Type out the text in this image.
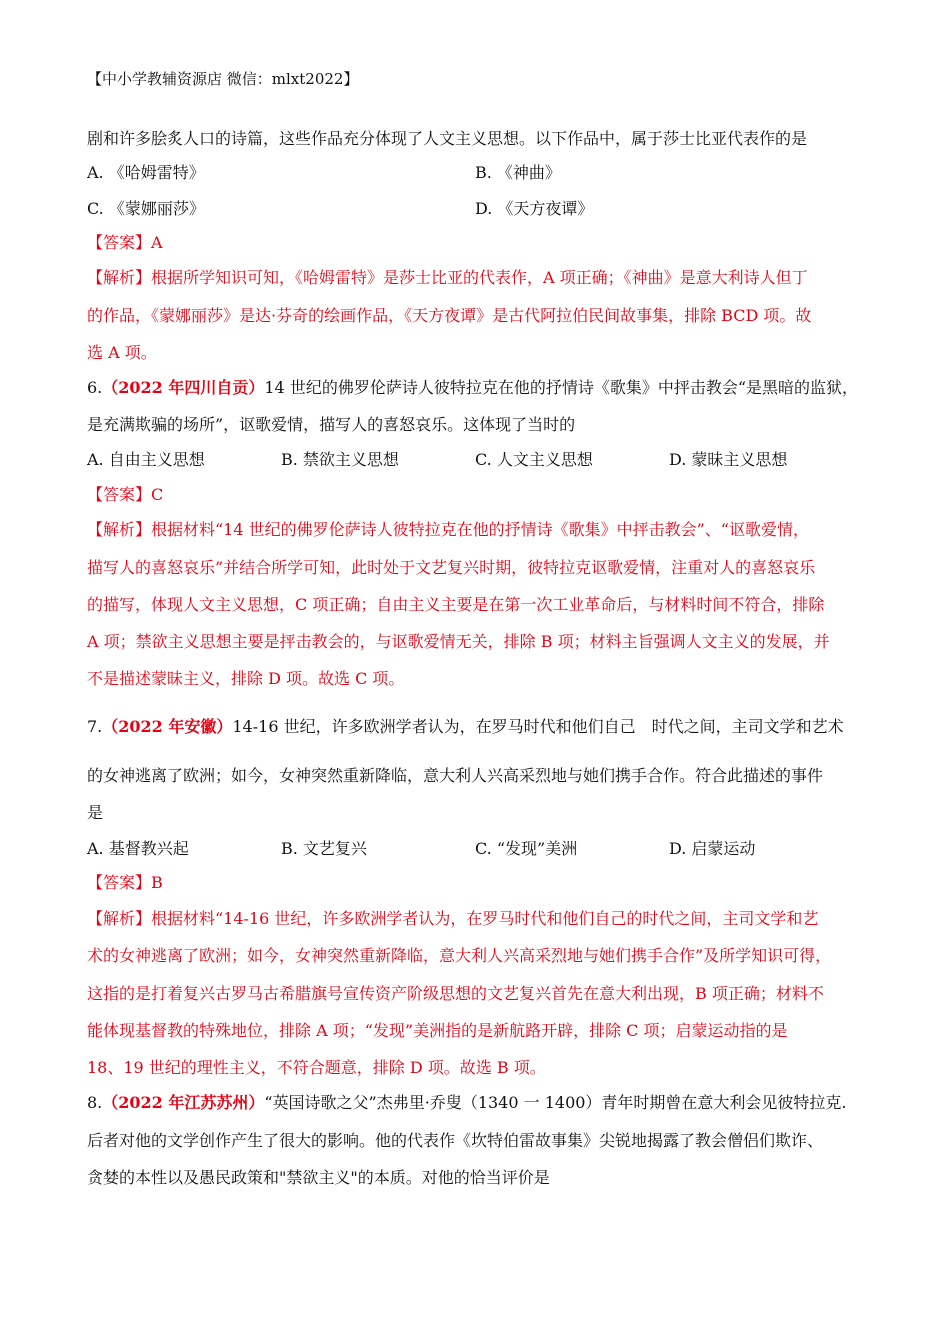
【中小学教辅资源店 微信：mlxt2022】
剧和许多脍炙人口的诗篇，这些作品充分体现了人文主义思想。以下作品中，属于莎士比亚代表作的是
A. 《哈姆雷特》	B. 《神曲》
C. 《蒙娜丽莎》	D. 《天方夜谭》
【答案】A
【解析】根据所学知识可知，《哈姆雷特》是莎士比亚的代表作，A 项正确；《神曲》是意大利诗人但丁
的作品，《蒙娜丽莎》是达·芬奇的绘画作品，《天方夜谭》是古代阿拉伯民间故事集，排除 BCD 项。故
选 A 项。
6.（2022 年四川自贡）14 世纪的佛罗伦萨诗人彼特拉克在他的抒情诗《歌集》中抨击教会“是黑暗的监狱，
是充满欺骗的场所”，讴歌爱情，描写人的喜怒哀乐。这体现了当时的
A. 自由主义思想	B. 禁欲主义思想	C. 人文主义思想	D. 蒙昧主义思想
【答案】C
【解析】根据材料“14 世纪的佛罗伦萨诗人彼特拉克在他的抒情诗《歌集》中抨击教会”、“讴歌爱情，
描写人的喜怒哀乐”并结合所学可知，此时处于文艺复兴时期，彼特拉克讴歌爱情，注重对人的喜怒哀乐
的描写，体现人文主义思想，C 项正确；自由主义主要是在第一次工业革命后，与材料时间不符合，排除
A 项；禁欲主义思想主要是抨击教会的，与讴歌爱情无关，排除 B 项；材料主旨强调人文主义的发展，并
不是描述蒙昧主义，排除 D 项。故选 C 项。
7.（2022 年安徽）14-16 世纪，许多欧洲学者认为，在罗马时代和他们自己　时代之间，主司文学和艺术
的女神逃离了欧洲；如今，女神突然重新降临，意大利人兴高采烈地与她们携手合作。符合此描述的事件
是
A. 基督教兴起	B. 文艺复兴	C. “发现”美洲	D. 启蒙运动
【答案】B
【解析】根据材料“14-16 世纪，许多欧洲学者认为，在罗马时代和他们自己的时代之间，主司文学和艺
术的女神逃离了欧洲；如今，女神突然重新降临，意大利人兴高采烈地与她们携手合作”及所学知识可得，
这指的是打着复兴古罗马古希腊旗号宣传资产阶级思想的文艺复兴首先在意大利出现，B 项正确；材料不
能体现基督教的特殊地位，排除 A 项；“发现”美洲指的是新航路开辟，排除 C 项；启蒙运动指的是
18、19 世纪的理性主义，不符合题意，排除 D 项。故选 B 项。
8.（2022 年江苏苏州）“英国诗歌之父”杰弗里·乔叟（1340 一 1400）青年时期曾在意大利会见彼特拉克.
后者对他的文学创作产生了很大的影响。他的代表作《坎特伯雷故事集》尖锐地揭露了教会僧侣们欺诈、
贪婪的本性以及愚民政策和"禁欲主义"的本质。对他的恰当评价是
